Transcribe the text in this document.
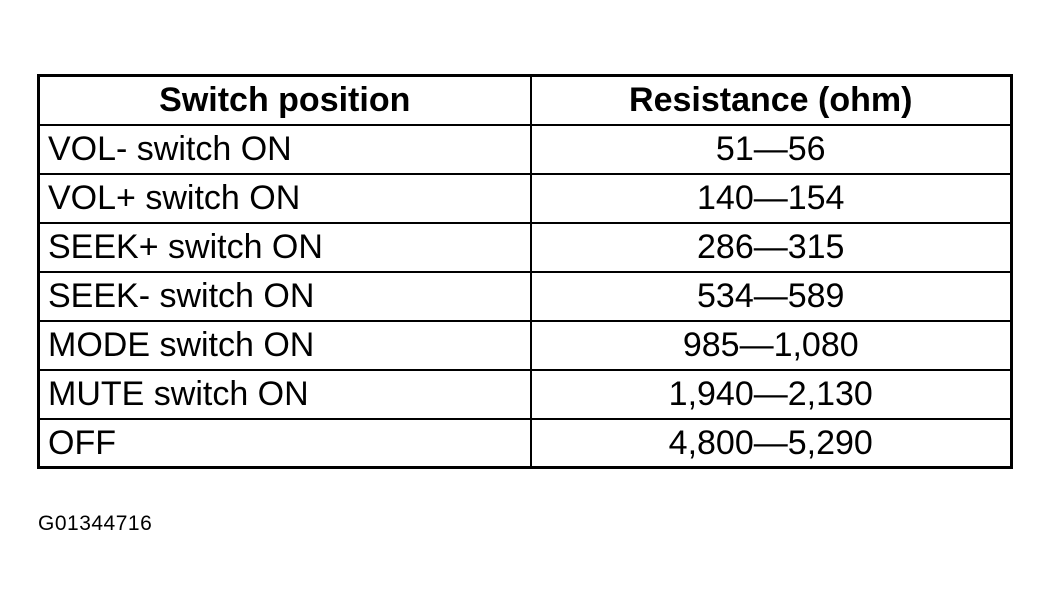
Switch position	Resistance (ohm)
VOL- switch ON	51—56
VOL+ switch ON	140—154
SEEK+ switch ON	286—315
SEEK- switch ON	534—589
MODE switch ON	985—1,080
MUTE switch ON	1,940—2,130
OFF	4,800—5,290
G01344716
